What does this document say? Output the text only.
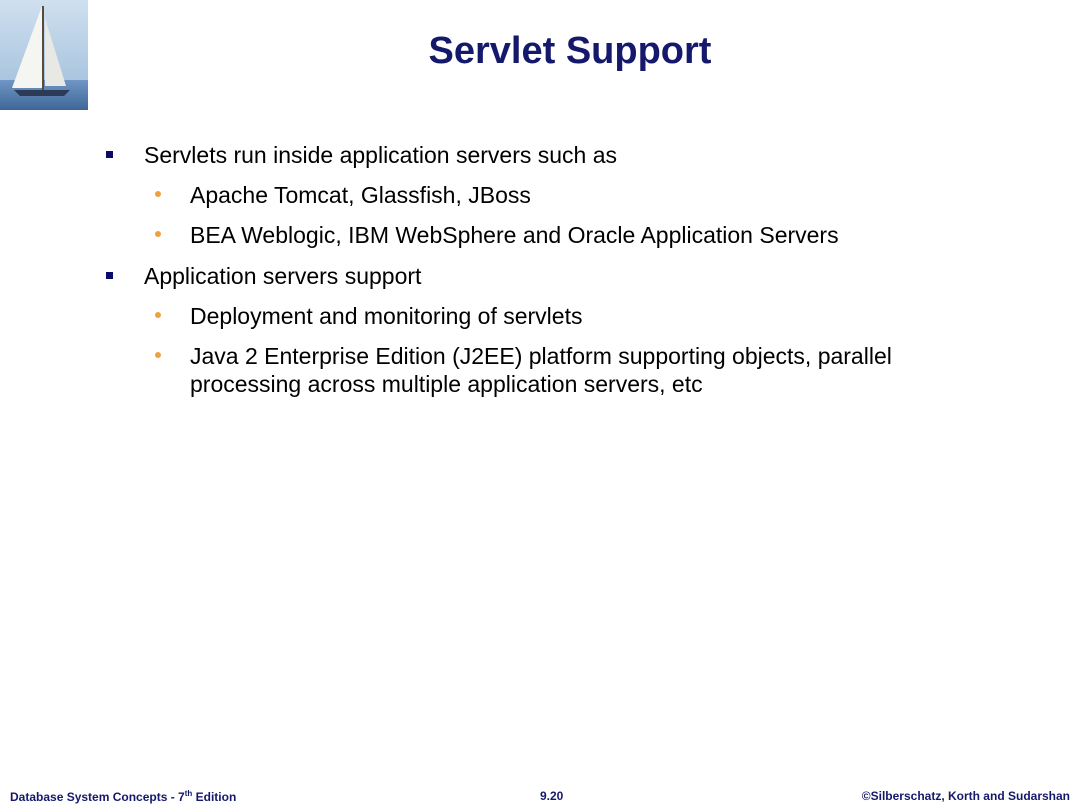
Servlet Support
Servlets run inside application servers such as
Apache Tomcat, Glassfish, JBoss
BEA Weblogic, IBM WebSphere and Oracle Application Servers
Application servers support
Deployment and monitoring of servlets
Java 2 Enterprise Edition (J2EE) platform supporting objects, parallel processing across multiple application servers, etc
Database System Concepts - 7th Edition	9.20	©Silberschatz, Korth and Sudarshan
